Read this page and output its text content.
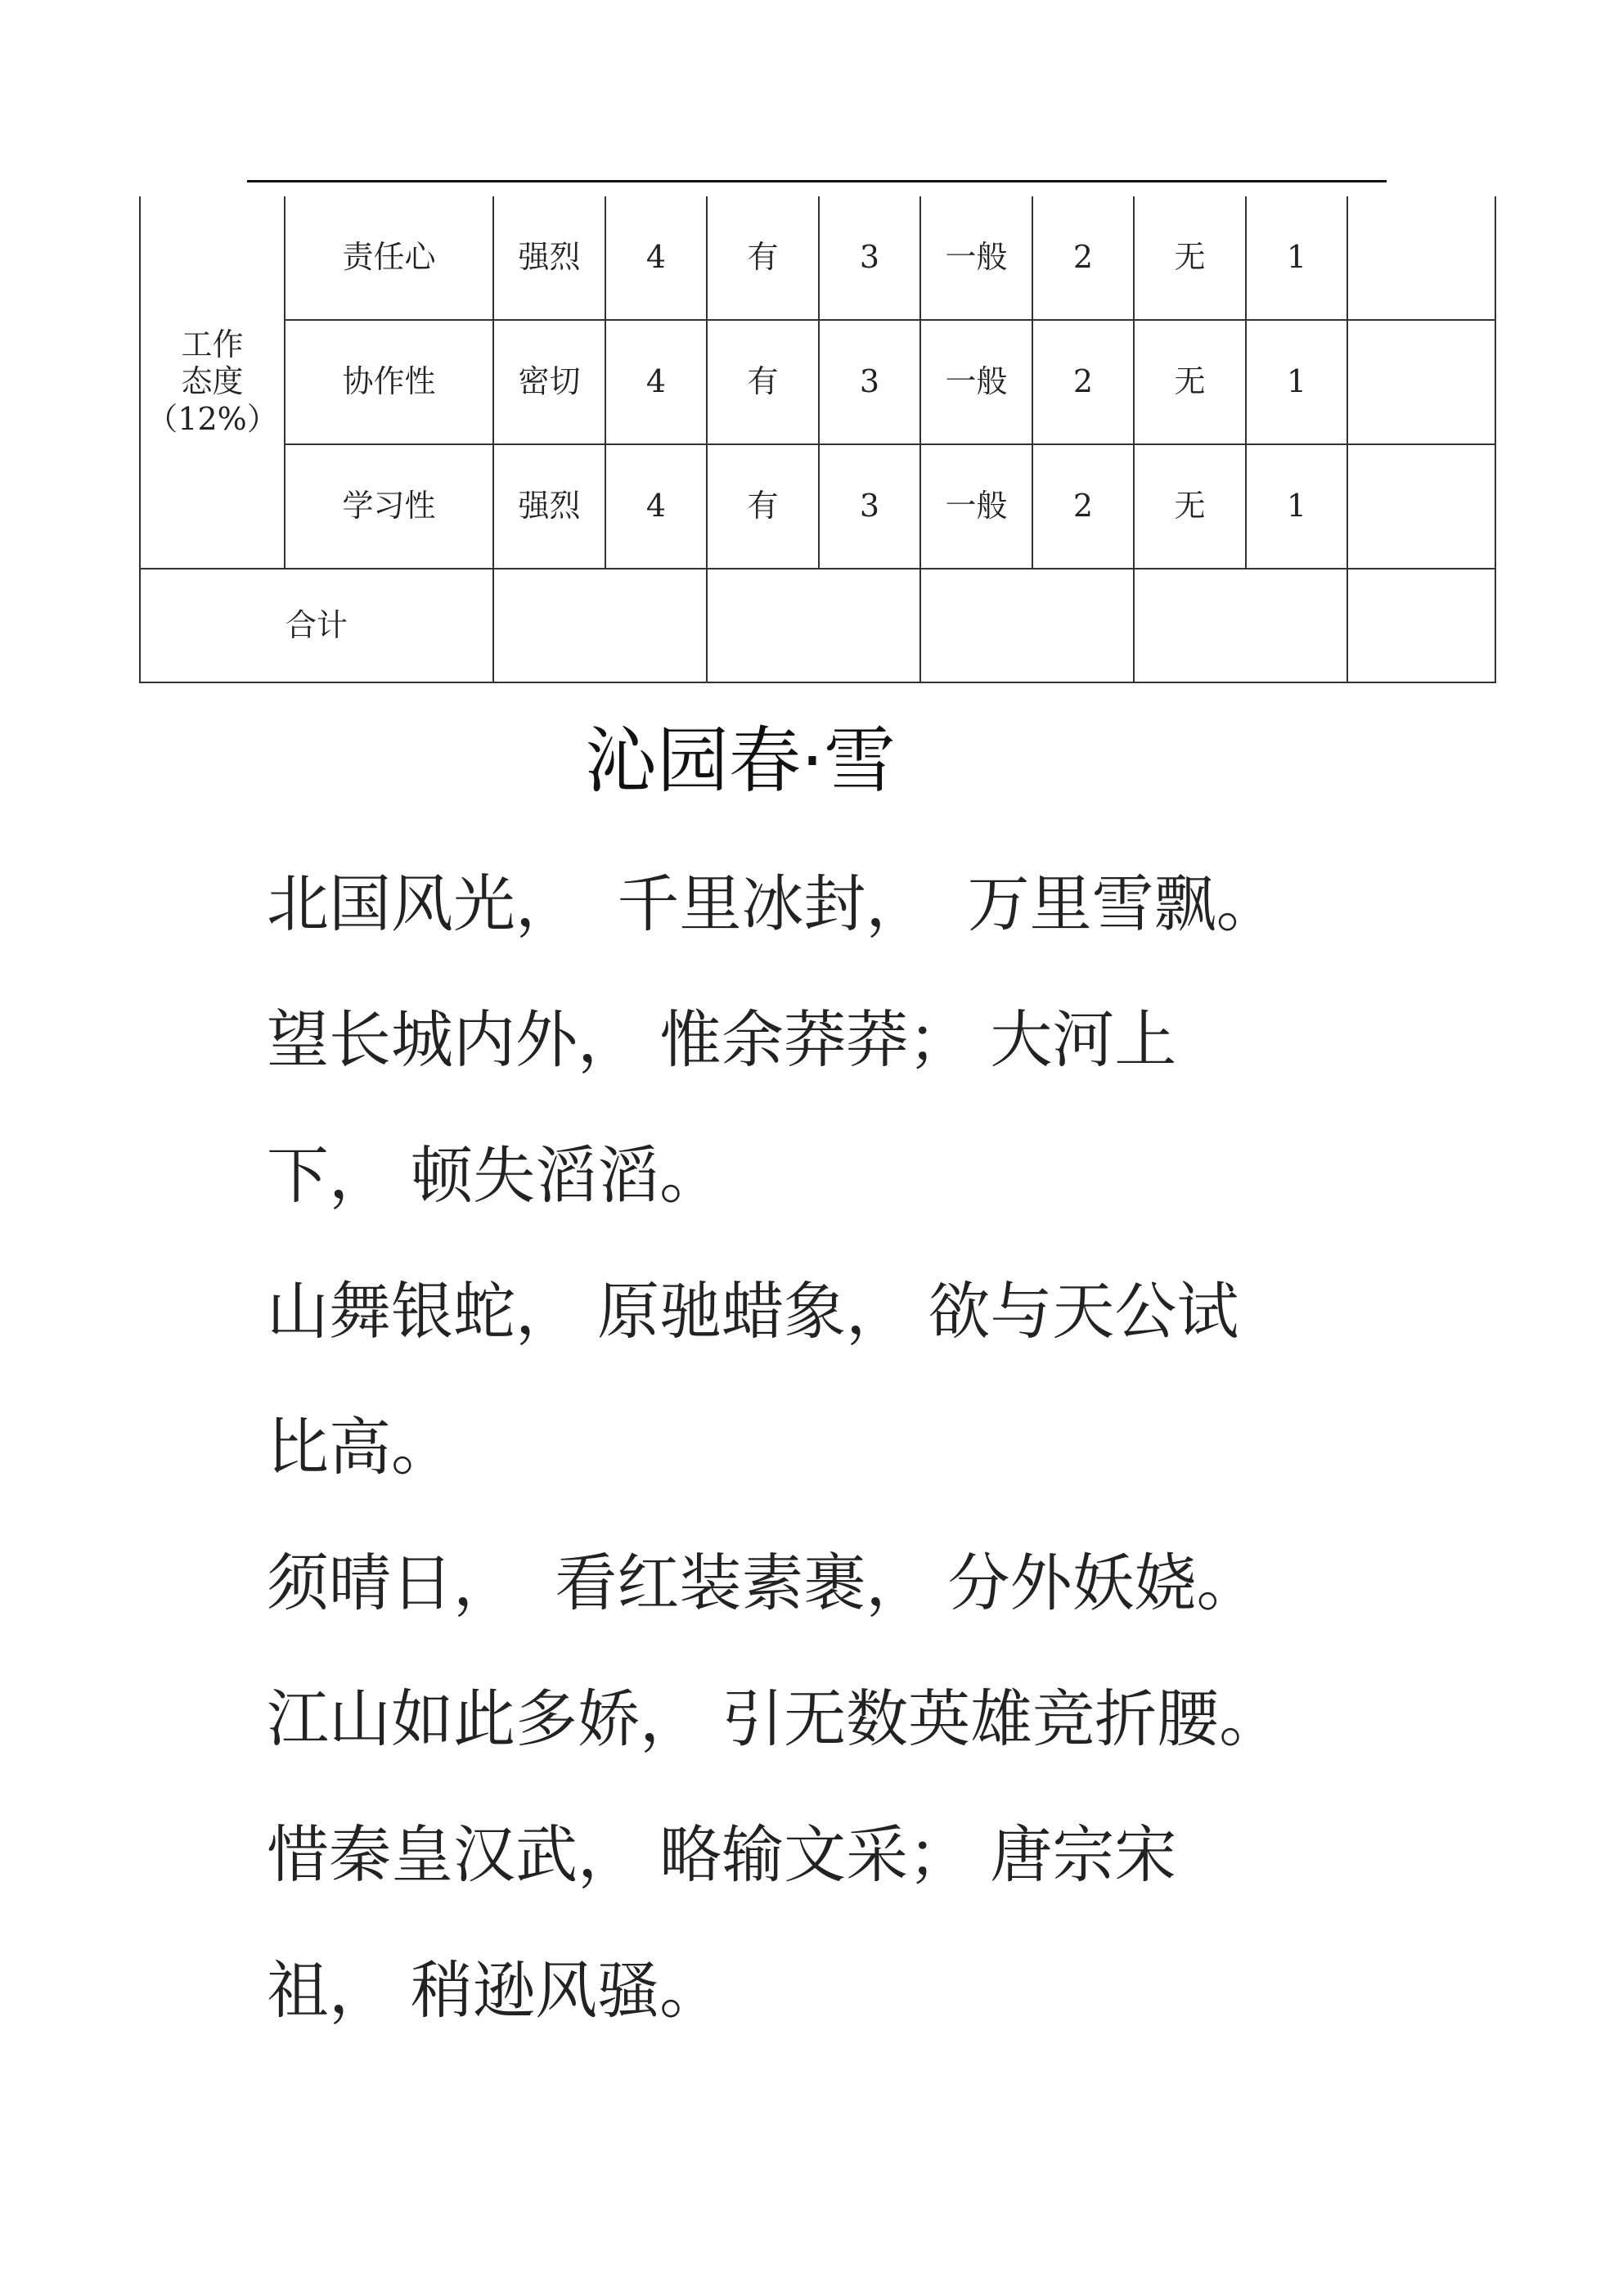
工作
态度
（12%）	责任心	强烈	4	有	3	一般	2	无	1	
	协作性	密切	4	有	3	一般	2	无	1	
	学习性	强烈	4	有	3	一般	2	无	1	
合计										
沁园春·雪
北国风光，  千里冰封，  万里雪飘。
望长城内外， 惟余莽莽； 大河上
下， 顿失滔滔。
山舞银蛇， 原驰蜡象， 欲与天公试
比高。
须晴日，  看红装素裹， 分外妖娆。
江山如此多娇， 引无数英雄竞折腰。
惜秦皇汉武， 略输文采； 唐宗宋
祖， 稍逊风骚。
